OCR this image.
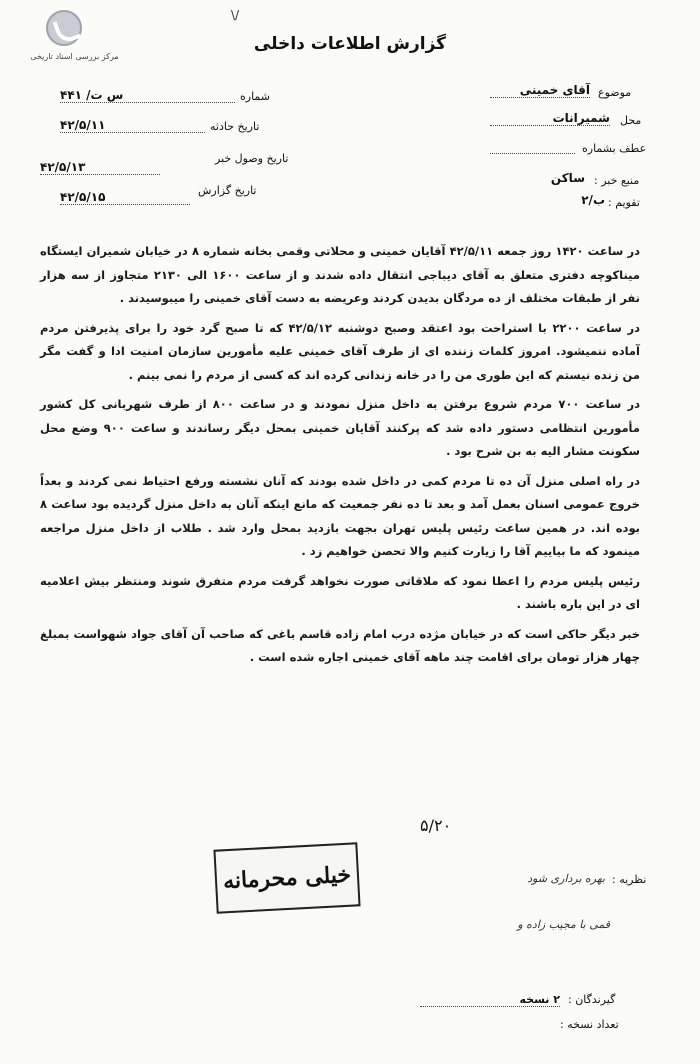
\/
مرکز بررسی اسناد تاریخی
گزارش اطلاعات داخلی
موضوع
آقای خمینی
محل
شمیرانات
عطف بشماره
منبع خبر :
ساکن
تقویم :
۲/ب
شماره
۴۴۱ /س ت
تاریخ حادثه
۴۲/۵/۱۱
تاریخ وصول خبر
۴۲/۵/۱۳
تاریخ گزارش
۴۲/۵/۱۵

در ساعت ۱۴۲۰ روز جمعه ۴۲/۵/۱۱ آقایان خمینی و محلاتی وقمی بخانه شماره ۸ در خیابان شمیران ایستگاه میناکوچه دفتری متعلق به آقای دیباجی انتقال داده شدند و از ساعت ۱۶۰۰ الی ۲۱۳۰ متجاوز از سه هزار نفر از طبقات مختلف از ده مردگان بدیدن کردند وعریضه به دست آقای خمینی را میبوسیدند .

در ساعت ۲۲۰۰ با استراحت بود اعتقد وصبح دوشنبه ۴۲/۵/۱۲ که تا صبح گرد خود را برای پذیرفتن مردم آماده ننمیشود. امروز کلمات زننده ای از طرف آقای خمینی علیه مأمورین سازمان امنیت ادا و گفت مگر من زنده نیستم که این طوری من را در خانه زندانی کرده اند که کسی از مردم را نمی بینم .

در ساعت ۷۰۰ مردم شروع برفتن به داخل منزل نمودند و در ساعت ۸۰۰ از طرف شهربانی کل کشور مأمورین انتظامی دستور داده شد که پرکنند آقایان خمینی بمحل دیگر رساندند و ساعت ۹۰۰ وضع محل سکونت مشار الیه به بن شرح بود .

در راه اصلی منزل آن ده تا مردم کمی در داخل شده بودند که آنان نشسته ورفع احتیاط نمی کردند و بعداً خروج عمومی اسنان بعمل آمد و بعد تا ده نفر جمعیت که مانع اینکه آنان به داخل منزل گردیده بود ساعت ۸ بوده اند. در همین ساعت رئیس پلیس تهران بجهت بازدید بمحل وارد شد . طلاب از داخل منزل مراجعه مینمود که ما بیاییم آقا را زیارت کنیم والا تحصن خواهیم زد .

رئیس پلیس مردم را اعطا نمود که ملاقاتی صورت نخواهد گرفت مردم متفرق شوند ومنتظر بیش اعلامیه ای در این باره باشند .

خبر دیگر حاکی است که در خیابان مژده درب امام زاده قاسم باغی که صاحب آن آقای جواد شهواست بمبلغ چهار هزار تومان برای اقامت چند ماهه آقای خمینی اجاره شده است .

۵/۲۰
خیلی محرمانه	نظریه :
بهره برداری شود
قمی با مجیب زاده و
گیرندگان :
۲ نسخه
تعداد نسخه :
